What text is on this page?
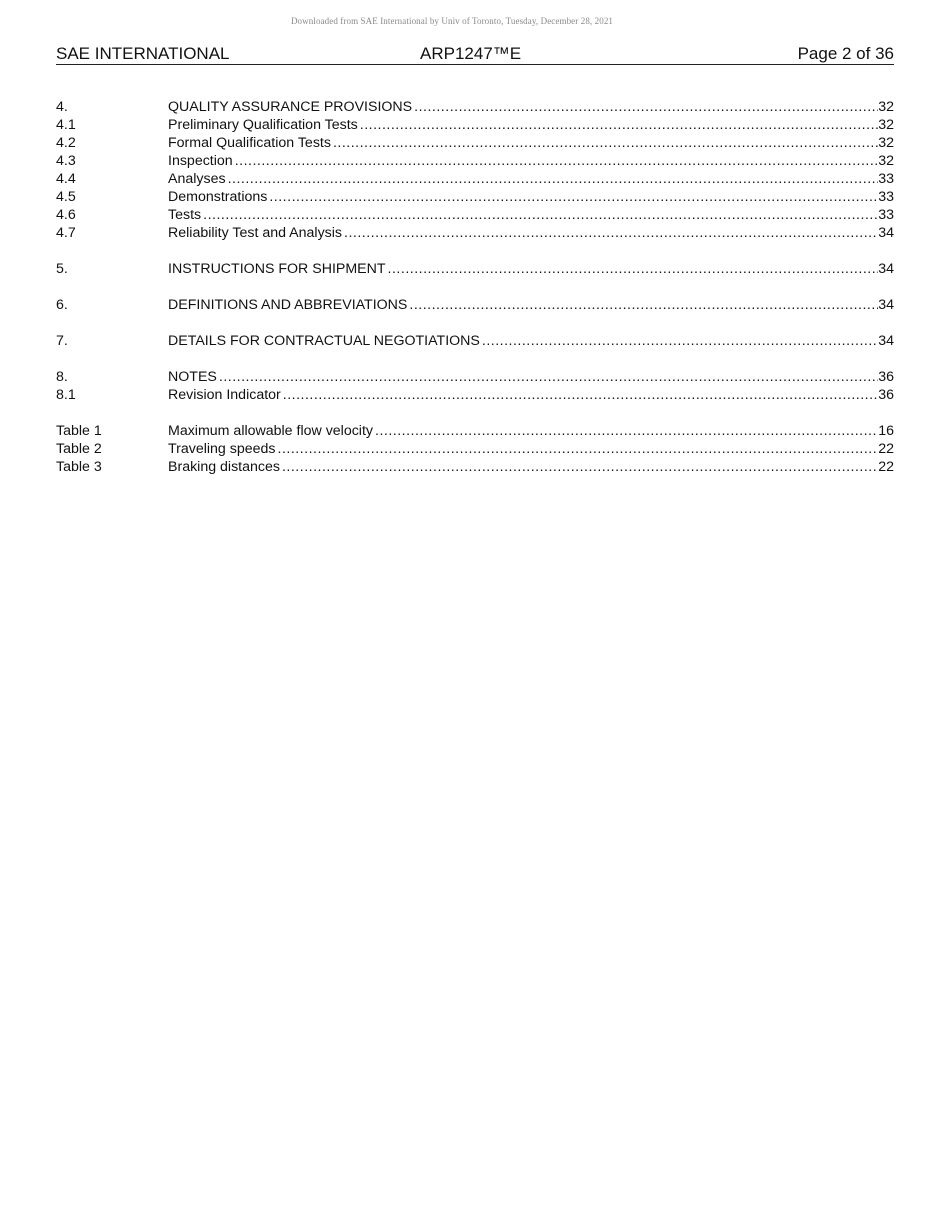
Downloaded from SAE International by Univ of Toronto, Tuesday, December 28, 2021
SAE INTERNATIONAL	ARP1247™E	Page 2 of 36
4.	QUALITY ASSURANCE PROVISIONS .....	32
4.1	Preliminary Qualification Tests .....	32
4.2	Formal Qualification Tests .....	32
4.3	Inspection .....	32
4.4	Analyses .....	33
4.5	Demonstrations .....	33
4.6	Tests .....	33
4.7	Reliability Test and Analysis .....	34
5.	INSTRUCTIONS FOR SHIPMENT .....	34
6.	DEFINITIONS AND ABBREVIATIONS .....	34
7.	DETAILS FOR CONTRACTUAL NEGOTIATIONS .....	34
8.	NOTES .....	36
8.1	Revision Indicator .....	36
Table 1	Maximum allowable flow velocity .....	16
Table 2	Traveling speeds .....	22
Table 3	Braking distances .....	22
